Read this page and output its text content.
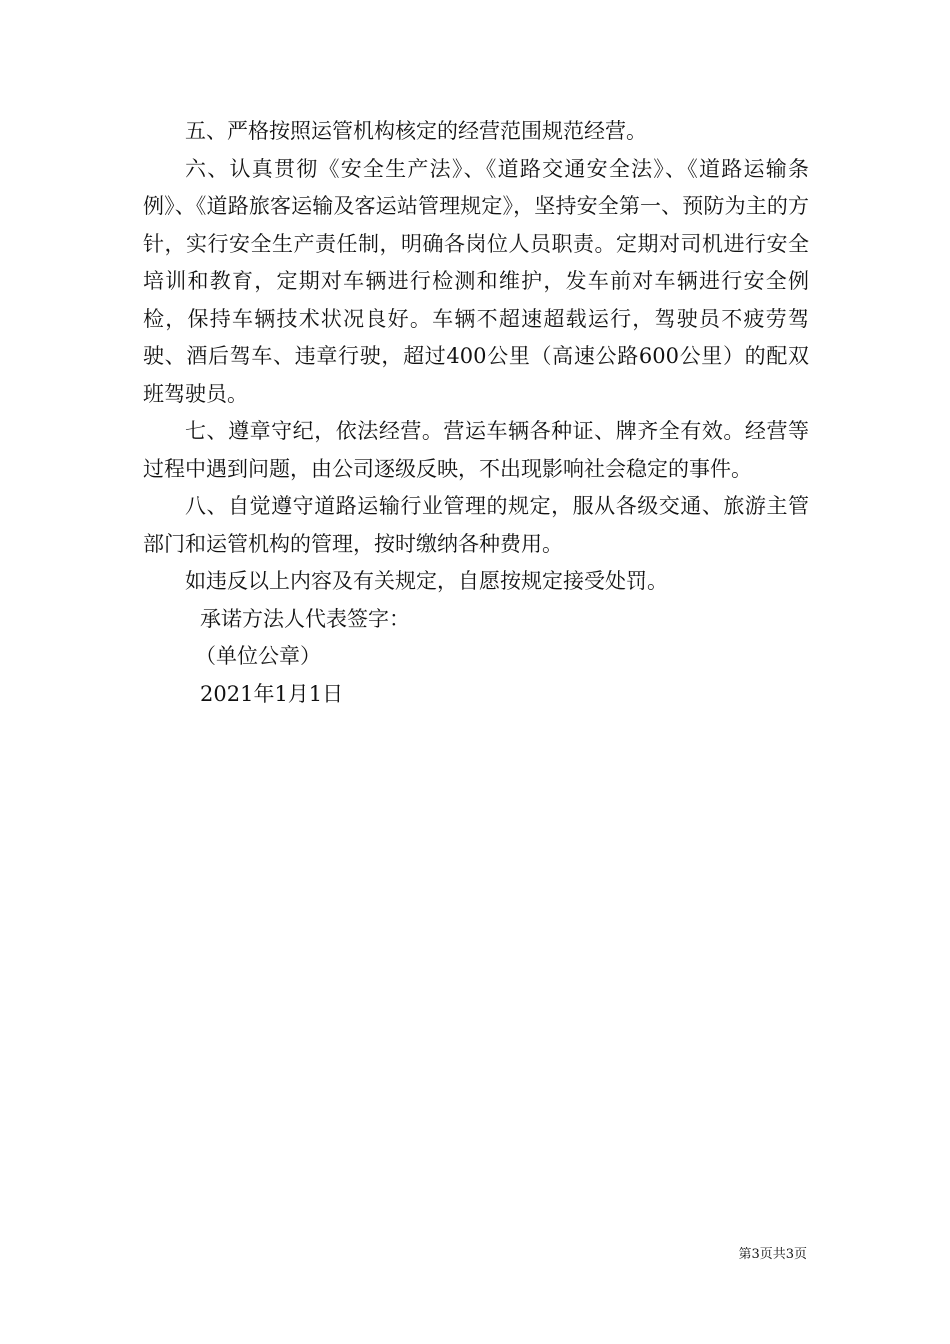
五、严格按照运管机构核定的经营范围规范经营。

六、认真贯彻《安全生产法》、《道路交通安全法》、《道路运输条例》、《道路旅客运输及客运站管理规定》，坚持安全第一、预防为主的方针，实行安全生产责任制，明确各岗位人员职责。定期对司机进行安全培训和教育，定期对车辆进行检测和维护，发车前对车辆进行安全例检，保持车辆技术状况良好。车辆不超速超载运行，驾驶员不疲劳驾驶、酒后驾车、违章行驶，超过400公里（高速公路600公里）的配双班驾驶员。

七、遵章守纪，依法经营。营运车辆各种证、牌齐全有效。经营等过程中遇到问题，由公司逐级反映，不出现影响社会稳定的事件。

八、自觉遵守道路运输行业管理的规定，服从各级交通、旅游主管部门和运管机构的管理，按时缴纳各种费用。

如违反以上内容及有关规定，自愿按规定接受处罚。

承诺方法人代表签字：

（单位公章）

2021年1月1日

第3页共3页
